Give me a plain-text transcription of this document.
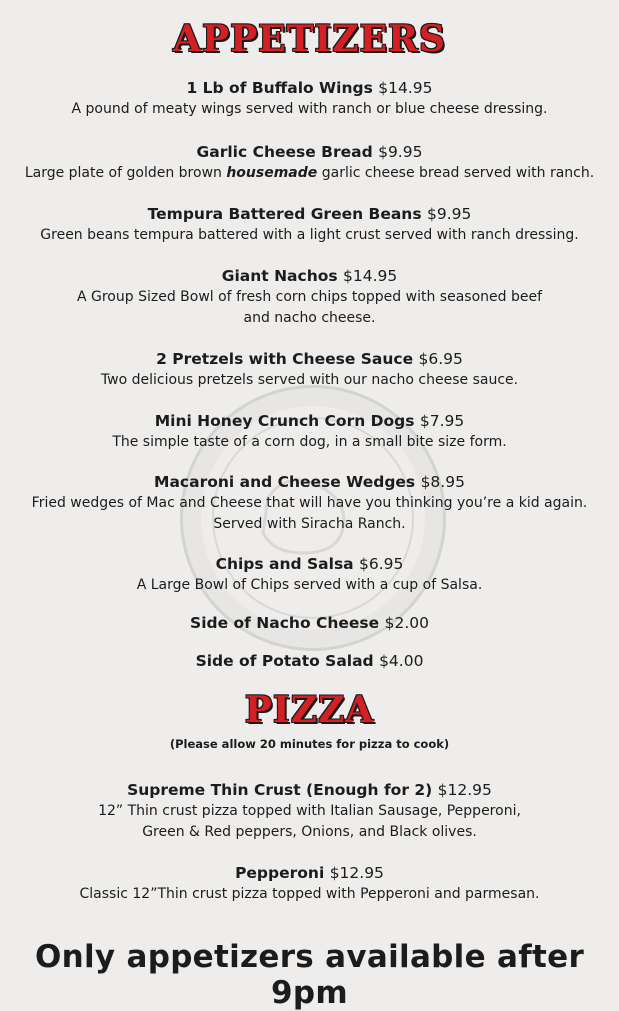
APPETIZERS
1 Lb of Buffalo Wings $14.95
A pound of meaty wings served with ranch or blue cheese dressing.
Garlic Cheese Bread $9.95
Large plate of golden brown housemade garlic cheese bread served with ranch.
Tempura Battered Green Beans $9.95
Green beans tempura battered with a light crust served with ranch dressing.
Giant Nachos $14.95
A Group Sized Bowl of fresh corn chips topped with seasoned beef
and nacho cheese.
2 Pretzels with Cheese Sauce $6.95
Two delicious pretzels served with our nacho cheese sauce.
Mini Honey Crunch Corn Dogs $7.95
The simple taste of a corn dog, in a small bite size form.
Macaroni and Cheese Wedges $8.95
Fried wedges of Mac and Cheese that will have you thinking you’re a kid again.
Served with Siracha Ranch.
Chips and Salsa $6.95
A Large Bowl of Chips served with a cup of Salsa.
Side of Nacho Cheese $2.00
Side of Potato Salad $4.00
PIZZA
(Please allow 20 minutes for pizza to cook)
Supreme Thin Crust (Enough for 2) $12.95
12” Thin crust pizza topped with Italian Sausage, Pepperoni,
Green & Red peppers, Onions, and Black olives.
Pepperoni $12.95
Classic 12”Thin crust pizza topped with Pepperoni and parmesan.
Only appetizers available after 9pm
